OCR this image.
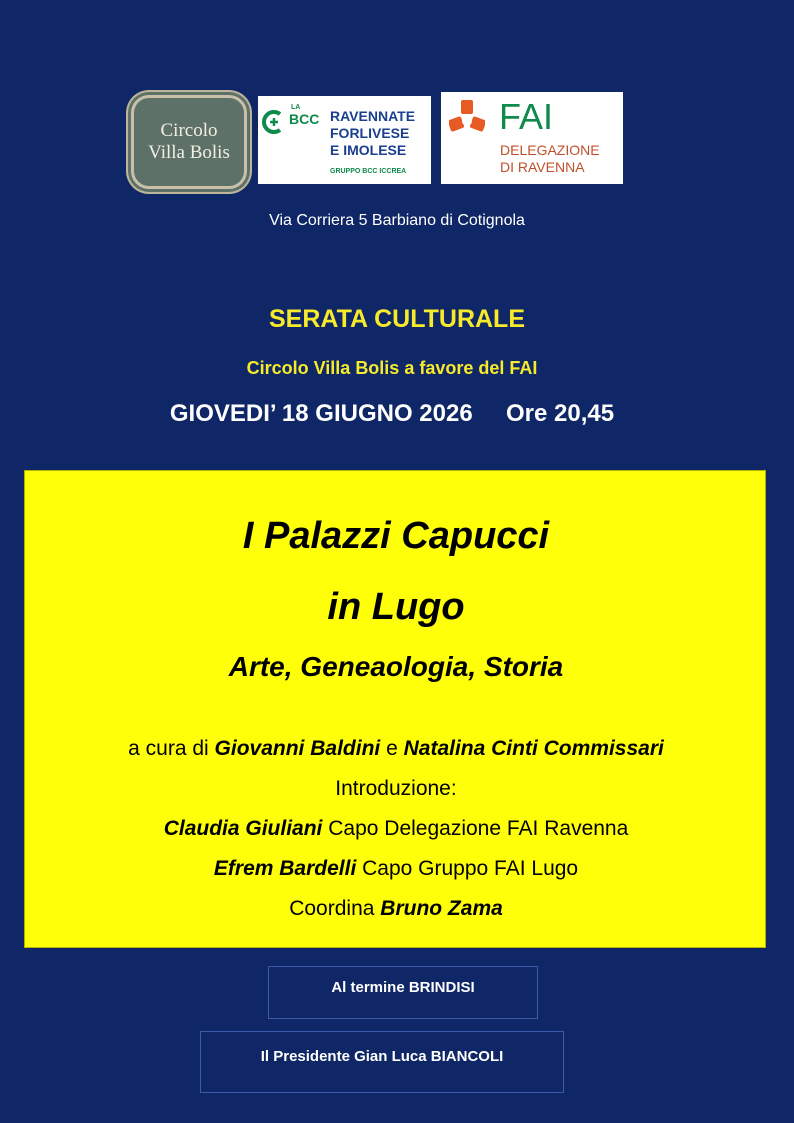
Circolo
Villa Bolis
LA
BCC RAVENNATE
FORLIVESE
E IMOLESE
GRUPPO BCC ICCREA
FAI
DELEGAZIONE
DI RAVENNA
Via Corriera 5 Barbiano di Cotignola
SERATA CULTURALE
Circolo Villa Bolis a favore del FAI
GIOVEDI’ 18 GIUGNO 2026 Ore 20,45
I Palazzi Capucci
in Lugo
Arte, Geneaologia, Storia
a cura di Giovanni Baldini e Natalina Cinti Commissari
Introduzione:
Claudia Giuliani Capo Delegazione FAI Ravenna
Efrem Bardelli Capo Gruppo FAI Lugo
Coordina Bruno Zama
Al termine BRINDISI
Il Presidente Gian Luca BIANCOLI
